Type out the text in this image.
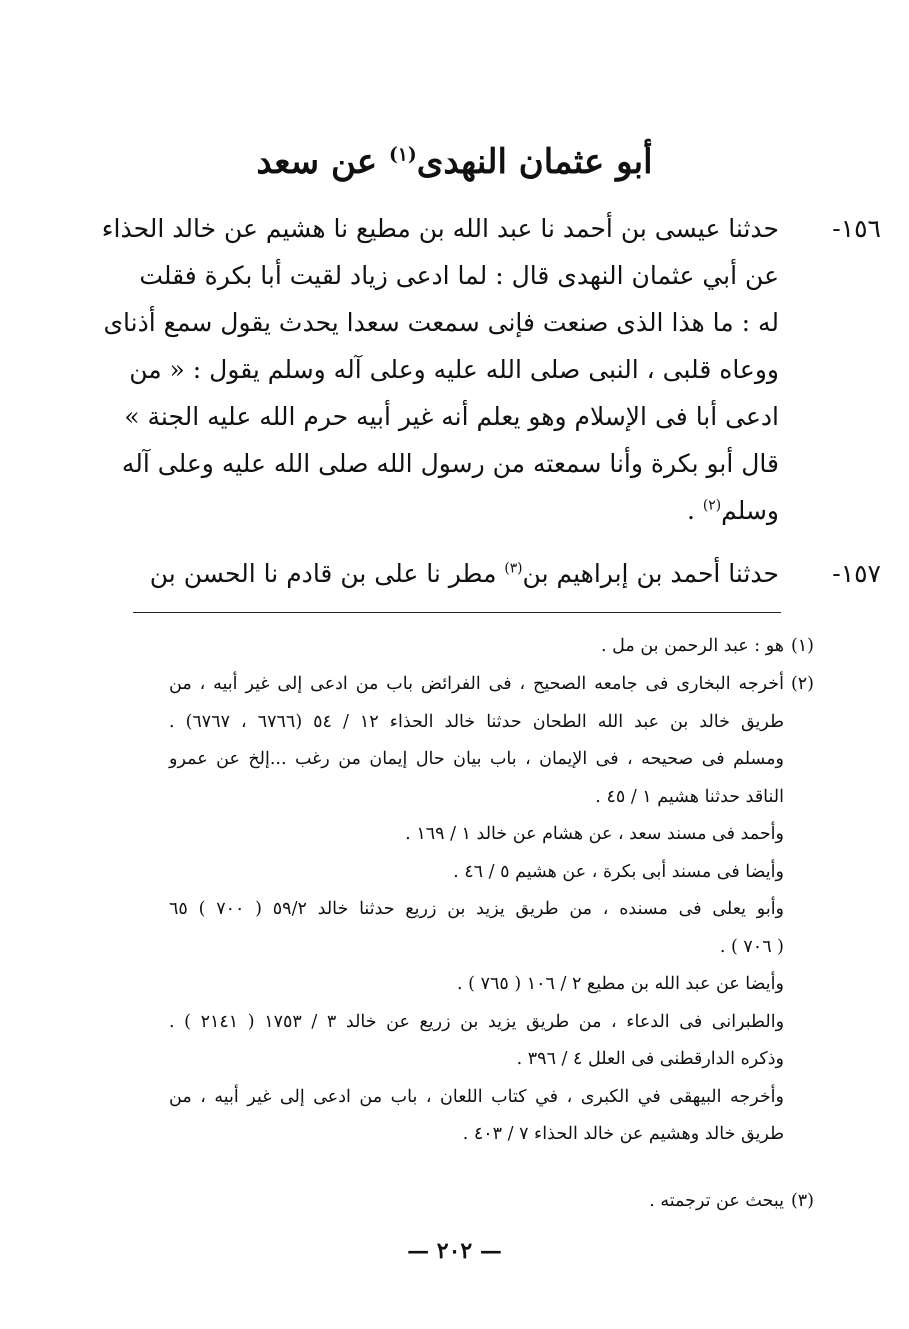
أبو عثمان النهدى$^{(١)}$ عن سعد
١٥٦-
حدثنا عيسى بن أحمد نا عبد الله بن مطيع نا هشيم عن خالد الحذاء
عن أبي عثمان النهدى قال : لما ادعى زياد لقيت أبا بكرة فقلت
له : ما هذا الذى صنعت فإنى سمعت سعدا يحدث يقول سمع أذناى
ووعاه قلبى ، النبى صلى الله عليه وعلى آله وسلم يقول : « من
ادعى أبا فى الإسلام وهو يعلم أنه غير أبيه حرم الله عليه الجنة »
قال أبو بكرة وأنا سمعته من رسول الله صلى الله عليه وعلى آله
وسلم$^{(٢)}$ .
١٥٧-
حدثنا أحمد بن إبراهيم بن$^{(٣)}$ مطر نا على بن قادم نا الحسن بن
(١)
هو : عبد الرحمن بن مل .
(٢)
أخرجه البخارى فى جامعه الصحيح ، فى الفرائض باب من ادعى إلى غير أبيه ، من
طريق خالد بن عبد الله الطحان حدثنا خالد الحذاء ١٢ / ٥٤ (٦٧٦٦ ، ٦٧٦٧) .
ومسلم فى صحيحه ، فى الإيمان ، باب بيان حال إيمان من رغب ...إلخ عن عمرو
الناقد حدثنا هشيم ١ / ٤٥ .
وأحمد فى مسند سعد ، عن هشام عن خالد ١ / ١٦٩ .
وأيضا فى مسند أبى بكرة ، عن هشيم ٥ / ٤٦ .
وأبو يعلى فى مسنده ، من طريق يزيد بن زريع حدثنا خالد ٥٩/٢ ( ٧٠٠ ) ٦٥
( ٧٠٦ ) .
وأيضا عن عبد الله بن مطيع ٢ / ١٠٦ ( ٧٦٥ ) .
والطبرانى فى الدعاء ، من طريق يزيد بن زريع عن خالد ٣ / ١٧٥٣ ( ٢١٤١ ) .
وذكره الدارقطنى فى العلل ٤ / ٣٩٦ .
وأخرجه البيهقى في الكبرى ، في كتاب اللعان ، باب من ادعى إلى غير أبيه ، من
طريق خالد وهشيم عن خالد الحذاء ٧ / ٤٠٣ .
(٣)
يبحث عن ترجمته .
— ٢٠٢ —
